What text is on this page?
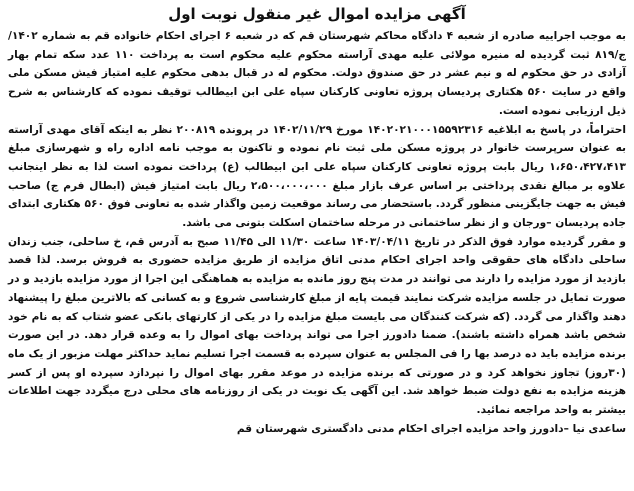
آگهی مزایده اموال غیر منقول نوبت اول

به موجب اجراییه صادره از شعبه ۴ دادگاه محاکم شهرستان قم که در شعبه ۶ اجرای احکام خانواده قم به شماره ۱۴۰۲/ج/۸۱۹ ثبت گردیده له منیره مولائی علیه مهدی آراسته محکوم علیه محکوم است به پرداخت ۱۱۰ عدد سکه تمام بهار آزادی در حق محکوم له و نیم عشر در حق صندوق دولت. محکوم له در قبال بدهی محکوم علیه امتیاز فیش مسکن ملی واقع در سایت ۵۶۰ هکتاری پردیسان پروژه تعاونی کارکنان سپاه علی ابن ابیطالب توقیف نموده که کارشناس به شرح ذیل ارزیابی نموده است.

احتراماً، در پاسخ به ابلاغیه ۱۴۰۲۰۲۱۰۰۰۱۵۵۹۲۳۱۶ مورخ ۱۴۰۲/۱۱/۲۹ در پرونده ۲۰۰۸۱۹ نظر به اینکه آقای مهدی آراسته به عنوان سرپرست خانوار در پروژه مسکن ملی ثبت نام نموده و تاکنون به موجب نامه اداره راه و شهرسازی مبلغ ۱،۶۵۰،۴۲۷،۴۱۳ ریال بابت پروژه تعاونی کارکنان سپاه علی ابن ابیطالب (ع) پرداخت نموده است لذا به نظر اینجانب علاوه بر مبالغ نقدی پرداختی بر اساس عرف بازار مبلغ ۲،۵۰۰،۰۰۰،۰۰۰ ریال بابت امتیاز فیش (ابطال فرم ج) صاحب فیش به جهت جایگزینی منظور گردد. باستحضار می رساند موقعیت زمین واگذار شده به تعاونی فوق ۵۶۰ هکتاری ابتدای جاده پردیسان –ورجان و از نظر ساختمانی در مرحله ساختمان اسکلت بتونی می باشد.

و مقرر گردیده موارد فوق الذکر در تاریخ ۱۴۰۳/۰۴/۱۱ ساعت ۱۱/۳۰ الی ۱۱/۴۵ صبح به آدرس قم، خ ساحلی، جنب زندان ساحلی دادگاه های حقوقی واحد اجرای احکام مدنی اتاق مزایده از طریق مزایده حضوری به فروش برسد. لذا قصد بازدید از مورد مزایده را دارند می توانند در مدت پنج روز مانده به مزایده به هماهنگی این اجرا از مورد مزایده بازدید و در صورت تمایل در جلسه مزایده شرکت نمایند قیمت پایه از مبلغ کارشناسی شروع و به کسانی که بالاترین مبلغ را پیشنهاد دهند واگذار می گردد. (که شرکت کنندگان می بایست مبلغ مزایده را در یکی از کارتهای بانکی عضو شتاب که به نام خود شخص باشد همراه داشته باشند). ضمنا دادورز اجرا می تواند پرداخت بهای اموال را به وعده قرار دهد. در این صورت برنده مزایده باید ده درصد بها را فی المجلس به عنوان سپرده به قسمت اجرا تسلیم نماید حداکثر مهلت مزبور از یک ماه (۳۰روز) تجاوز نخواهد کرد و در صورتی که برنده مزایده در موعد مقرر بهای اموال را نپردازد سپرده او پس از کسر هزینه مزایده به نفع دولت ضبط خواهد شد. این آگهی یک نوبت در یکی از روزنامه های محلی درج میگردد جهت اطلاعات بیشتر به واحد مراجعه نمائید.

ساعدی نیا –دادورز واحد مزایده اجرای احکام مدنی دادگستری شهرستان قم
